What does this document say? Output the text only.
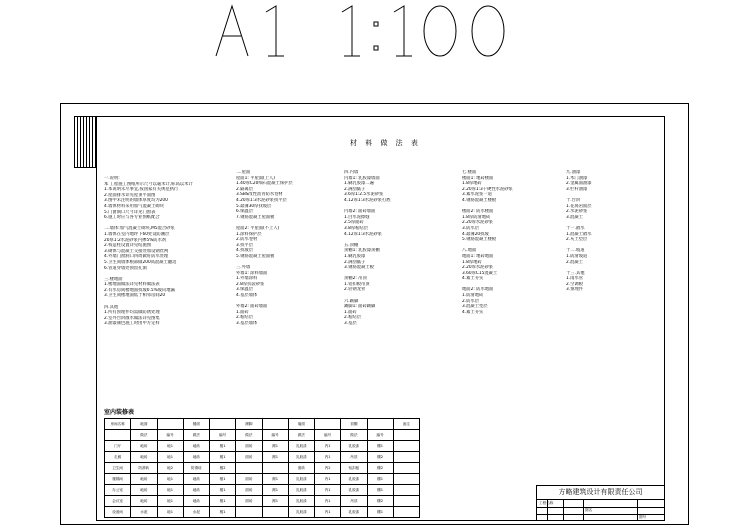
材 料 做 法 表
一.说明:
本 工程施工图纸所示尺寸以毫米计,标高以米计
1.本说明未尽事宜,按国家有关规范执行
2.屋面排水详见屋顶平面图
3.图中未注明的墙体厚度均为200
4.墙体材料采用加气混凝土砌块
5.门窗洞口尺寸详见门窗表
6.施工时应与各专业图纸配合

二.墙体:加气混凝土砌块,M5混合砂浆
1.墙体在室内地坪下60处设防潮层
20厚1:2水泥砂浆内掺5%防水剂
2.构造柱设置详见结施图
3.砌体与混凝土交接处加设钢丝网
4.外墙门窗洞口四周做好防水处理
5.卫生间墙体根部做200高混凝土翻边
6.管道穿墙处预留孔洞

三.楼地面
1.楼地面做法详见材料做法表
2.有水房间楼地面找坡0.5%坡向地漏
3.卫生间楼地面低于相邻房间20

四.其他
1.所有预埋件均需做防锈处理
2.室外台阶散水做法详见图集
3.油漆颜色施工时由甲方定样
二.屋面
屋面1: 平屋面(上人)
1.40厚C20细石混凝土保护层
2.隔离层
3.SBS改性沥青防水卷材
4.20厚1:3水泥砂浆找平层
5.最薄30厚找坡层
6.保温层
7.钢筋混凝土屋面板

屋面2: 平屋面(不上人)
1.涂料保护层
2.防水卷材
3.找平层
4.找坡层
5.钢筋混凝土屋面板

三.外墙
外墙1: 涂料墙面
1.外墙涂料
2.8厚抗裂砂浆
3.保温层
4.基层墙体

外墙2: 面砖墙面
1.面砖
2.粘结层
3.基层墙体
四.内墙
内墙1: 乳胶漆墙面
1.刷乳胶漆二遍
2.满刮腻子
3.6厚1:2.5水泥砂浆
4.12厚1:3水泥砂浆打底

内墙2: 面砖墙面
1.白水泥擦缝
2.5厚面砖
3.8厚粘结层
4.12厚1:3水泥砂浆

五.顶棚
顶棚1: 乳胶漆顶棚
1.刷乳胶漆
2.满刮腻子
3.钢筋混凝土板

顶棚2: 吊顶
1.铝扣板吊顶
2.轻钢龙骨

六.踢脚
踢脚1: 面砖踢脚
1.面砖
2.粘结层
3.基层
七.楼面
楼面1: 地砖楼面
1.8厚地砖
2.20厚1:3干硬性水泥砂浆
3.素水泥浆一道
4.钢筋混凝土楼板

楼面2: 防水楼面
1.8厚防滑地砖
2.20厚水泥砂浆
3.防水层
4.最薄20找坡
5.钢筋混凝土楼板

八.地面
地面1: 地砖地面
1.8厚地砖
2.20厚水泥砂浆
3.60厚C15混凝土
4.素土夯实

地面2: 防水地面
1.防滑地砖
2.防水层
3.混凝土垫层
4.素土夯实
九.油漆
1.木门油漆
2.金属面油漆
3.栏杆油漆

十.台阶
1.花岗岩面层
2.水泥砂浆
3.混凝土

十一.散水
1.混凝土散水
2.灰土垫层

十二.坡道
1.防滑坡道
2.混凝土

十三.其他
1.雨水管
2.空调板
3.预埋件
室内装修表
房间名称	地面		楼面		踢脚		墙面		顶棚		备注
	做法	编号	做法	编号	做法	编号	做法	编号	做法	编号	
门厅	地砖	地1	地砖	楼1	面砖	踢1	乳胶漆	内1	乳胶漆	棚1	
走廊	地砖	地1	地砖	楼1	面砖	踢1	乳胶漆	内1	吊顶	棚2	
卫生间	防滑砖	地2	防滑砖	楼2			面砖	内2	铝扣板	棚2	
楼梯间	地砖	地1	地砖	楼1	面砖	踢1	乳胶漆	内1	乳胶漆	棚1	
办公室	地砖	地1	地砖	楼1	面砖	踢1	乳胶漆	内1	乳胶漆	棚1	
会议室	地砖	地1	地砖	楼1	面砖	踢1	乳胶漆	内1	吊顶	棚2	
设备间	水泥	地1	水泥	楼1			乳胶漆	内1	乳胶漆	棚1	
方略建筑设计有限责任公司
工程名称
图名
图号
